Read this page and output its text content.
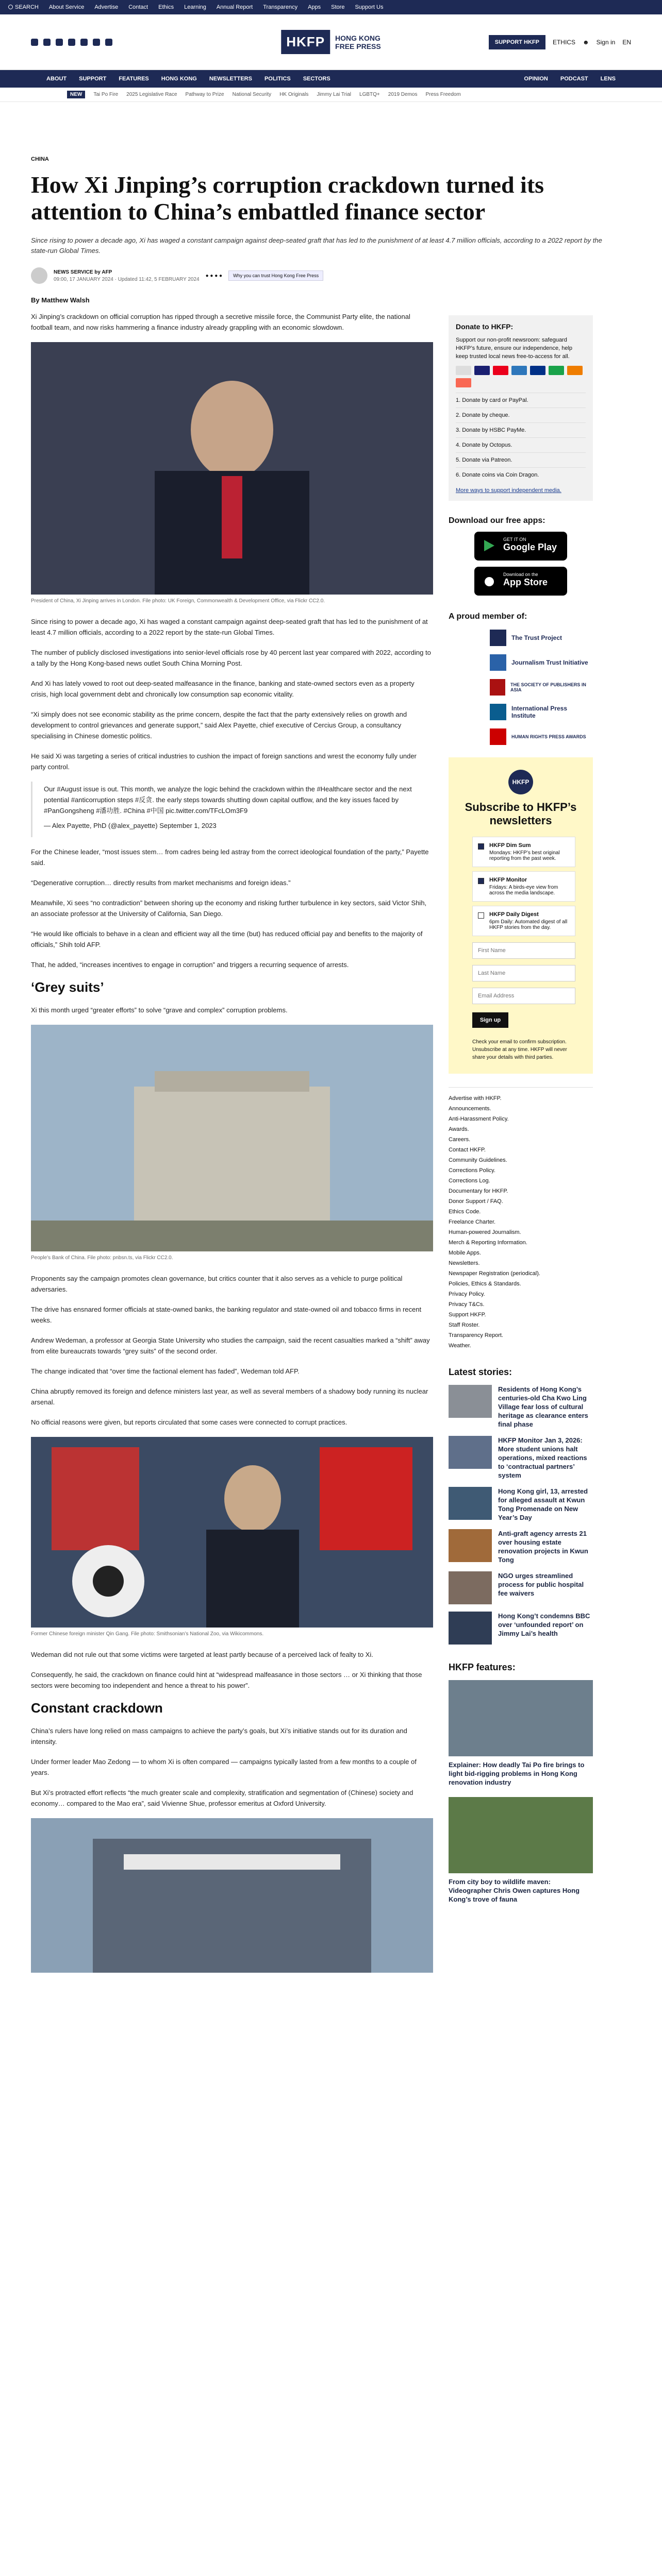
SEARCH About Service Advertise Contact Ethics Learning Annual Report Transparency Apps Store Support Us
HKFP	HONG KONG
FREE PRESS	SUPPORT HKFP	ETHICS ☻ Sign in EN
ABOUT SUPPORT FEATURES HONG KONG NEWSLETTERS POLITICS SECTORS	OPINION PODCAST LENS
NEW	Tai Po Fire 2025 Legislative Race Pathway to Prize National Security HK Originals Jimmy Lai Trial LGBTQ+ 2019 Demos Press Freedom
CHINA
How Xi Jinping’s corruption crackdown turned its attention to China’s embattled finance sector

Since rising to power a decade ago, Xi has waged a constant campaign against deep-seated graft that has led to the punishment of at least 4.7 million officials, according to a 2022 report by the state-run Global Times.

NEWS SERVICE by AFP
09:00, 17 JANUARY 2024 · Updated 11:42, 5 FEBRUARY 2024
● ● ● ●	Why you can trust Hong Kong Free Press
By Matthew Walsh

Xi Jinping’s crackdown on official corruption has ripped through a secretive missile force, the Communist Party elite, the national football team, and now risks hammering a finance industry already grappling with an economic slowdown.

President of China, Xi Jinping arrives in London. File photo: UK Foreign, Commonwealth & Development Office, via Flickr CC2.0.

Since rising to power a decade ago, Xi has waged a constant campaign against deep-seated graft that has led to the punishment of at least 4.7 million officials, according to a 2022 report by the state-run Global Times.

The number of publicly disclosed investigations into senior-level officials rose by 40 percent last year compared with 2022, according to a tally by the Hong Kong-based news outlet South China Morning Post.

And Xi has lately vowed to root out deep-seated malfeasance in the finance, banking and state-owned sectors even as a property crisis, high local government debt and chronically low consumption sap economic vitality.

“Xi simply does not see economic stability as the prime concern, despite the fact that the party extensively relies on growth and development to control grievances and generate support,” said Alex Payette, chief executive of Cercius Group, a consultancy specialising in Chinese domestic politics.

He said Xi was targeting a series of critical industries to cushion the impact of foreign sanctions and wrest the economy fully under party control.

Our #August issue is out. This month, we analyze the logic behind the crackdown within the #Healthcare sector and the next potential #anticorruption steps #反贪. the early steps towards shutting down capital outflow, and the key issues faced by #PanGongsheng #潘功胜. #China #中国 pic.twitter.com/TFcLOm3F9

— Alex Payette, PhD (@alex_payette) September 1, 2023

For the Chinese leader, “most issues stem… from cadres being led astray from the correct ideological foundation of the party,” Payette said.

“Degenerative corruption… directly results from market mechanisms and foreign ideas.”

Meanwhile, Xi sees “no contradiction” between shoring up the economy and risking further turbulence in key sectors, said Victor Shih, an associate professor at the University of California, San Diego.

“He would like officials to behave in a clean and efficient way all the time (but) has reduced official pay and benefits to the majority of officials,” Shih told AFP.

That, he added, “increases incentives to engage in corruption” and triggers a recurring sequence of arrests.

‘Grey suits’

Xi this month urged “greater efforts” to solve “grave and complex” corruption problems.

People’s Bank of China. File photo: pnbsn.ts, via Flickr CC2.0.

Proponents say the campaign promotes clean governance, but critics counter that it also serves as a vehicle to purge political adversaries.

The drive has ensnared former officials at state-owned banks, the banking regulator and state-owned oil and tobacco firms in recent weeks.

Andrew Wedeman, a professor at Georgia State University who studies the campaign, said the recent casualties marked a “shift” away from elite bureaucrats towards “grey suits” of the second order.

The change indicated that “over time the factional element has faded”, Wedeman told AFP.

China abruptly removed its foreign and defence ministers last year, as well as several members of a shadowy body running its nuclear arsenal.

No official reasons were given, but reports circulated that some cases were connected to corrupt practices.

Former Chinese foreign minister Qin Gang. File photo: Smithsonian’s National Zoo, via Wikicommons.

Wedeman did not rule out that some victims were targeted at least partly because of a perceived lack of fealty to Xi.

Consequently, he said, the crackdown on finance could hint at “widespread malfeasance in those sectors … or Xi thinking that those sectors were becoming too independent and hence a threat to his power”.

Constant crackdown

China’s rulers have long relied on mass campaigns to achieve the party’s goals, but Xi’s initiative stands out for its duration and intensity.

Under former leader Mao Zedong — to whom Xi is often compared — campaigns typically lasted from a few months to a couple of years.

But Xi’s protracted effort reflects “the much greater scale and complexity, stratification and segmentation of (Chinese) society and economy… compared to the Mao era”, said Vivienne Shue, professor emeritus at Oxford University.

Donate to HKFP:

Support our non-profit newsroom: safeguard HKFP’s future, ensure our independence, help keep trusted local news free-to-access for all.

1. Donate by card or PayPal.
2. Donate by cheque.
3. Donate by HSBC PayMe.
4. Donate by Octopus.
5. Donate via Patreon.
6. Donate coins via Coin Dragon.
More ways to support independent media.
Download our free apps:
GET IT ON
Google Play
Download on the
App Store
A proud member of:
The Trust Project
Journalism Trust Initiative
THE SOCIETY OF PUBLISHERS IN ASIA
International Press Institute
HUMAN RIGHTS PRESS AWARDS
HKFP
Subscribe to HKFP’s newsletters
HKFP Dim Sum
Mondays: HKFP’s best original reporting from the past week.
HKFP Monitor
Fridays: A birds-eye view from across the media landscape.
HKFP Daily Digest
6pm Daily: Automated digest of all HKFP stories from the day.
First Name
Last Name
Email Address
Sign up
Check your email to confirm subscription. Unsubscribe at any time. HKFP will never share your details with third parties.
Advertise with HKFP.
Announcements.
Anti-Harassment Policy.
Awards.
Careers.
Contact HKFP.
Community Guidelines.
Corrections Policy.
Corrections Log.
Documentary for HKFP.
Donor Support / FAQ.
Ethics Code.
Freelance Charter.
Human-powered Journalism.
Merch & Reporting Information.
Mobile Apps.
Newsletters.
Newspaper Registration (periodical).
Policies, Ethics & Standards.
Privacy Policy.
Privacy T&Cs.
Support HKFP.
Staff Roster.
Transparency Report.
Weather.
Latest stories:
Residents of Hong Kong’s centuries-old Cha Kwo Ling Village fear loss of cultural heritage as clearance enters final phase
HKFP Monitor Jan 3, 2026: More student unions halt operations, mixed reactions to ‘contractual partners’ system
Hong Kong girl, 13, arrested for alleged assault at Kwun Tong Promenade on New Year’s Day
Anti-graft agency arrests 21 over housing estate renovation projects in Kwun Tong
NGO urges streamlined process for public hospital fee waivers
Hong Kong’t condemns BBC over ‘unfounded report’ on Jimmy Lai’s health
HKFP features:
Explainer: How deadly Tai Po fire brings to light bid-rigging problems in Hong Kong renovation industry
From city boy to wildlife maven: Videographer Chris Owen captures Hong Kong’s trove of fauna
